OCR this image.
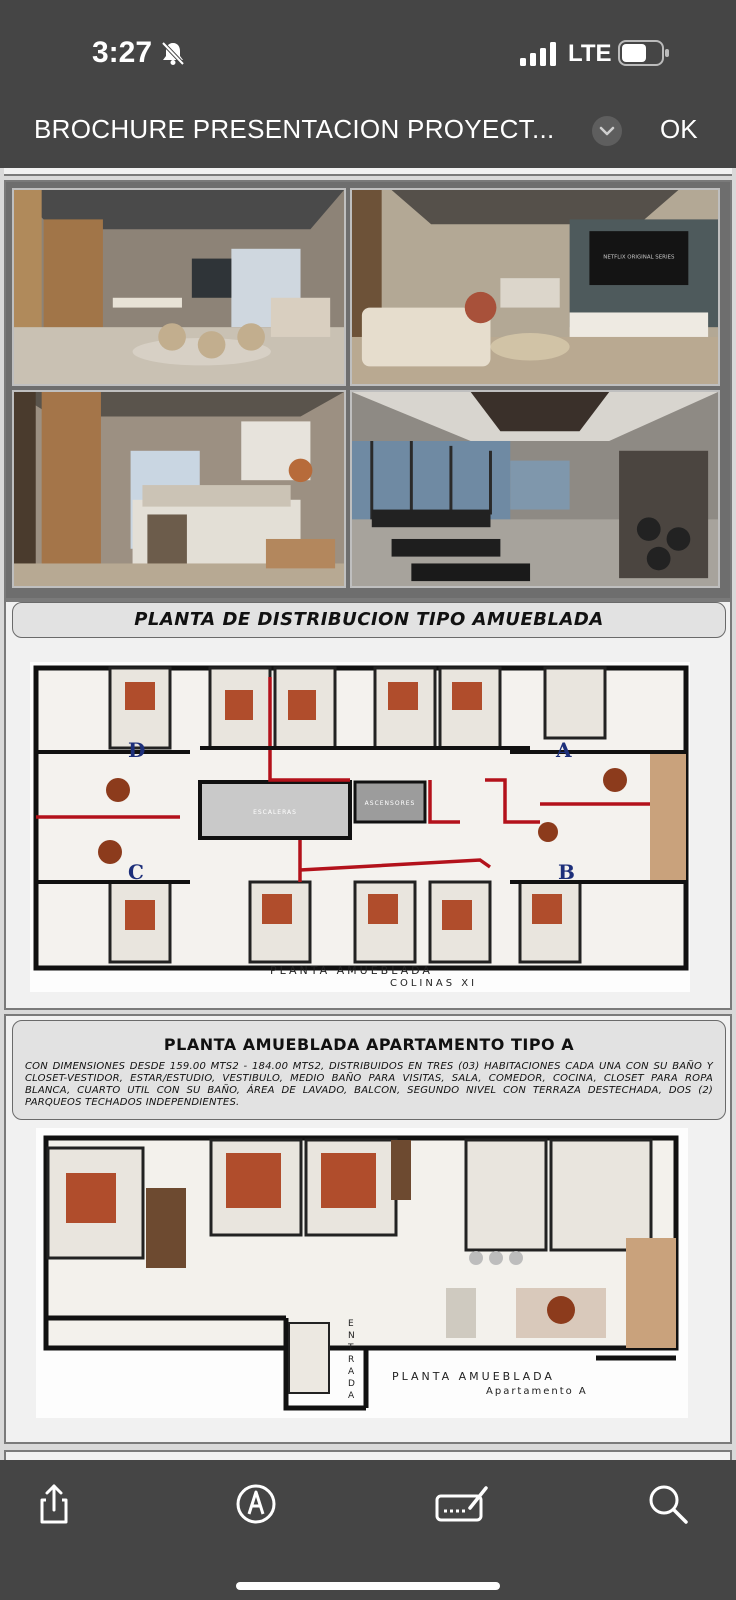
3:27	LTE
BROCHURE PRESENTACION PROYECT...	OK
NETFLIX ORIGINAL SERIES
PLANTA DE DISTRIBUCION TIPO AMUEBLADA
ESCALERAS
ASCENSORES
D	A
C	B
PLANTA AMUEBLADA
COLINAS XI
PLANTA AMUEBLADA APARTAMENTO TIPO A
CON DIMENSIONES DESDE 159.00 MTS2 - 184.00 MTS2, DISTRIBUIDOS EN TRES (03) HABITACIONES CADA UNA CON SU BAÑO Y CLOSET-VESTIDOR, ESTAR/ESTUDIO, VESTIBULO, MEDIO BAÑO PARA VISITAS, SALA, COMEDOR, COCINA, CLOSET PARA ROPA BLANCA, CUARTO UTIL CON SU BAÑO, ÁREA DE LAVADO, BALCON, SEGUNDO NIVEL CON TERRAZA DESTECHADA, DOS (2) PARQUEOS TECHADOS INDEPENDIENTES.
ENTRADA
PLANTA AMUEBLADA
Apartamento A
